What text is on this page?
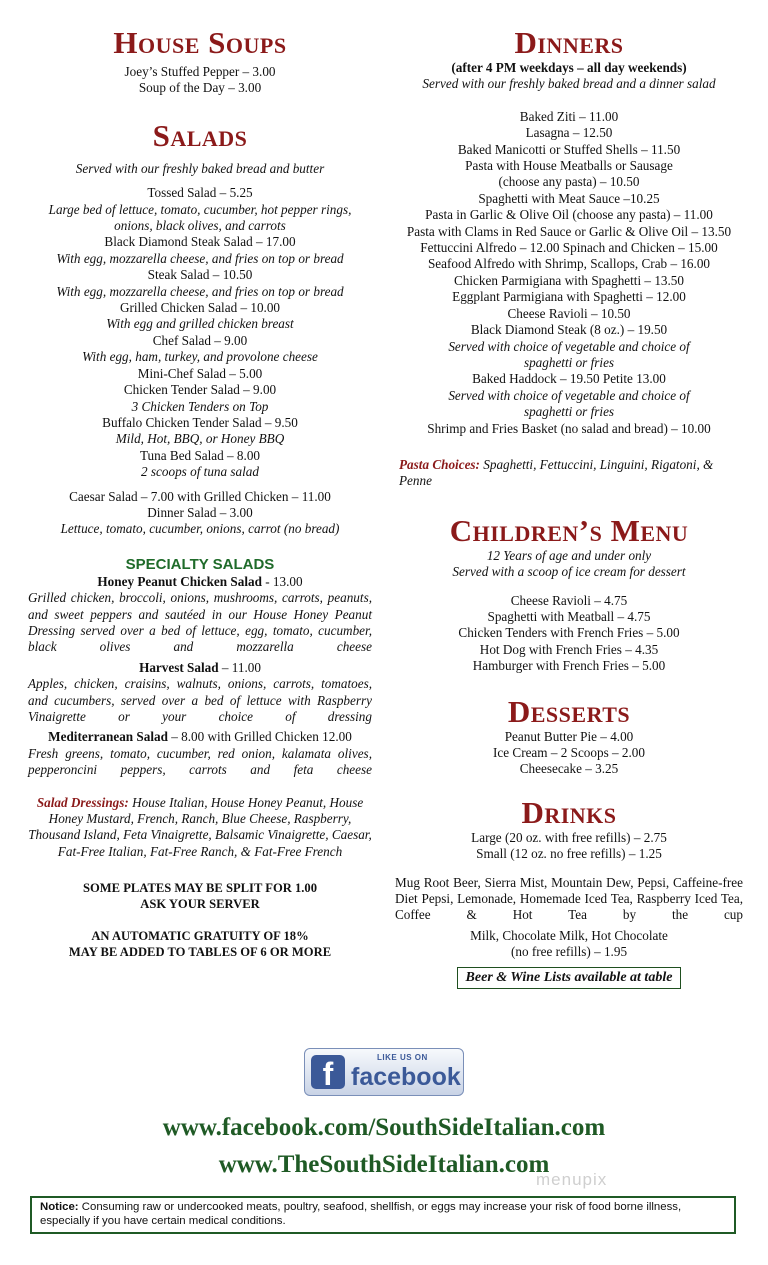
House Soups
Joey’s Stuffed Pepper – 3.00
Soup of the Day – 3.00
Salads
Served with our freshly baked bread and butter
Tossed Salad – 5.25
Large bed of lettuce, tomato, cucumber, hot pepper rings, onions, black olives, and carrots
Black Diamond Steak Salad – 17.00
With egg, mozzarella cheese, and fries on top or bread
Steak Salad – 10.50
With egg, mozzarella cheese, and fries on top or bread
Grilled Chicken Salad – 10.00
With egg and grilled chicken breast
Chef Salad – 9.00
With egg, ham, turkey, and provolone cheese
Mini-Chef Salad – 5.00
Chicken Tender Salad – 9.00
3 Chicken Tenders on Top
Buffalo Chicken Tender Salad – 9.50
Mild, Hot, BBQ, or Honey BBQ
Tuna Bed Salad – 8.00
2 scoops of tuna salad
Caesar Salad – 7.00 with Grilled Chicken – 11.00
Dinner Salad – 3.00
Lettuce, tomato, cucumber, onions, carrot (no bread)
SPECIALTY SALADS
Honey Peanut Chicken Salad - 13.00
Grilled chicken, broccoli, onions, mushrooms, carrots, peanuts, and sweet peppers and sautéed in our House Honey Peanut Dressing served over a bed of lettuce, egg, tomato, cucumber, black olives and mozzarella cheese
Harvest Salad – 11.00
Apples, chicken, craisins, walnuts, onions, carrots, tomatoes, and cucumbers, served over a bed of lettuce with Raspberry Vinaigrette or your choice of dressing
Mediterranean Salad – 8.00 with Grilled Chicken 12.00
Fresh greens, tomato, cucumber, red onion, kalamata olives, pepperoncini peppers, carrots and feta cheese
Salad Dressings: House Italian, House Honey Peanut, House Honey Mustard, French, Ranch, Blue Cheese, Raspberry, Thousand Island, Feta Vinaigrette, Balsamic Vinaigrette, Caesar, Fat-Free Italian, Fat-Free Ranch, & Fat-Free French
SOME PLATES MAY BE SPLIT FOR 1.00
ASK YOUR SERVER
AN AUTOMATIC GRATUITY OF 18%
MAY BE ADDED TO TABLES OF 6 OR MORE
Dinners
(after 4 PM weekdays – all day weekends)
Served with our freshly baked bread and a dinner salad
Baked Ziti – 11.00
Lasagna – 12.50
Baked Manicotti or Stuffed Shells – 11.50
Pasta with House Meatballs or Sausage
(choose any pasta) – 10.50
Spaghetti with Meat Sauce –10.25
Pasta in Garlic & Olive Oil (choose any pasta) – 11.00
Pasta with Clams in Red Sauce or Garlic & Olive Oil – 13.50
Fettuccini Alfredo – 12.00 Spinach and Chicken – 15.00
Seafood Alfredo with Shrimp, Scallops, Crab – 16.00
Chicken Parmigiana with Spaghetti – 13.50
Eggplant Parmigiana with Spaghetti – 12.00
Cheese Ravioli – 10.50
Black Diamond Steak (8 oz.) – 19.50
Served with choice of vegetable and choice of spaghetti or fries
Baked Haddock – 19.50 Petite 13.00
Served with choice of vegetable and choice of spaghetti or fries
Shrimp and Fries Basket (no salad and bread) – 10.00
Pasta Choices: Spaghetti, Fettuccini, Linguini, Rigatoni, & Penne
Children’s Menu
12 Years of age and under only
Served with a scoop of ice cream for dessert
Cheese Ravioli – 4.75
Spaghetti with Meatball – 4.75
Chicken Tenders with French Fries – 5.00
Hot Dog with French Fries – 4.35
Hamburger with French Fries – 5.00
Desserts
Peanut Butter Pie – 4.00
Ice Cream – 2 Scoops – 2.00
Cheesecake – 3.25
Drinks
Large (20 oz. with free refills) – 2.75
Small (12 oz. no free refills) – 1.25
Mug Root Beer, Sierra Mist, Mountain Dew, Pepsi, Caffeine-free Diet Pepsi, Lemonade, Homemade Iced Tea, Raspberry Iced Tea, Coffee & Hot Tea by the cup
Milk, Chocolate Milk, Hot Chocolate
(no free refills) – 1.95
Beer & Wine Lists available at table
f	LIKE US ON
facebook
www.facebook.com/SouthSideItalian.com
www.TheSouthSideItalian.com
menupix
Notice: Consuming raw or undercooked meats, poultry, seafood, shellfish, or eggs may increase your risk of food borne illness, especially if you have certain medical conditions.
